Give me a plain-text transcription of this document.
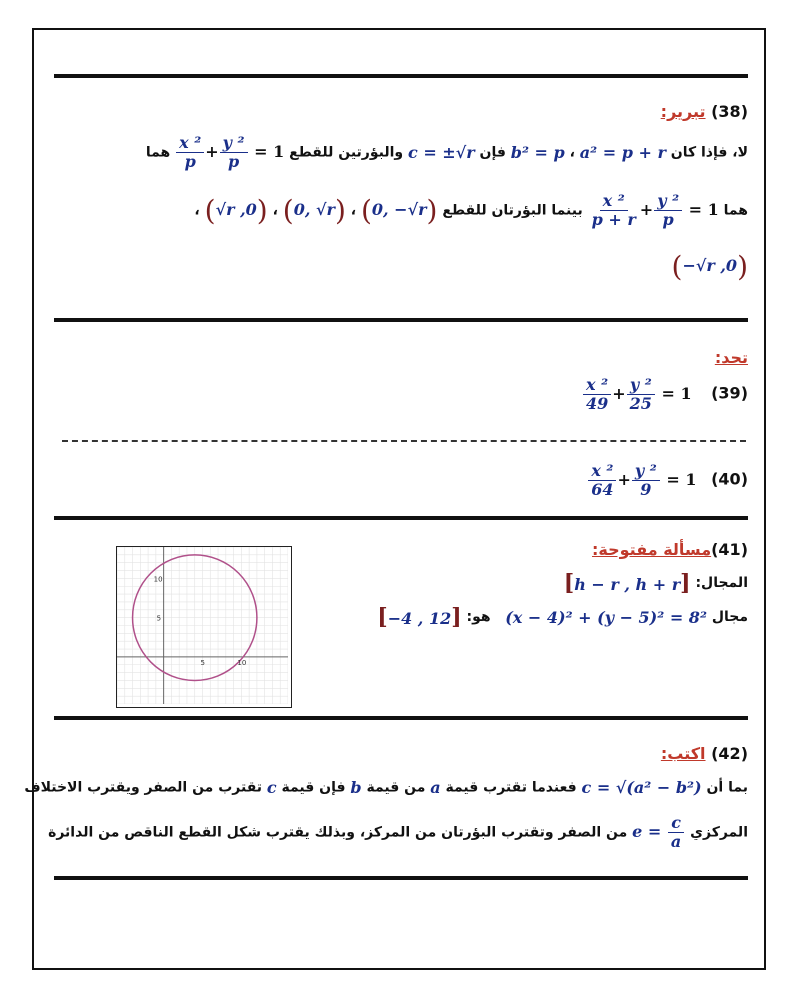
(38) تبرير:
لا، فإذا كان a² = p + r ، b² = p فإن c = ±√r والبؤرتين للقطع
$\frac{\text{x ²}}{p} + \frac{\text{y ²}}{p} = 1$ هما
هما
$\frac{\text{x ²}}{p + r} + \frac{\text{y ²}}{p} = 1$ بينما البؤرتان للقطع (0, −√r) ، (0, √r) ، (√r ,0) ،
(−√r ,0)
تحد:
(39)
$\frac{\text{x ²}}{49} + \frac{\text{y ²}}{25} = 1$
(40)
$\frac{\text{x ²}}{64} + \frac{\text{y ²}}{9} = 1$
(41)مسألة مفتوحة:
المجال: [h − r , h + r]
مجال (x − 4)² + (y − 5)² = 8²   هو: [−4 , 12]
10
5
5	10
(42) اكتب:
بما أن c = √(a² − b²) فعندما تقترب قيمة a من قيمة b فإن قيمة c تقترب من الصفر ويقترب الاختلاف
المركزي $e = \frac{c}{a}$
من الصفر وتقترب البؤرتان من المركز، وبذلك يقترب شكل القطع الناقص من الدائرة
